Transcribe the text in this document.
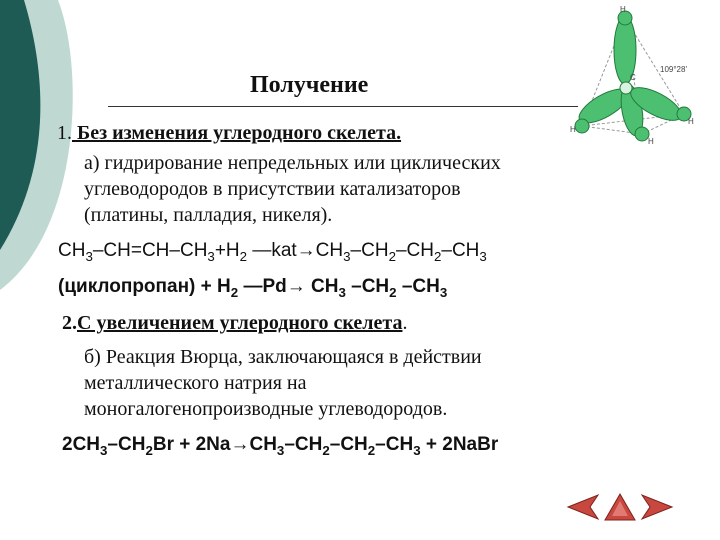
Получение
1. Без изменения углеродного скелета.
а) гидрирование непредельных или циклических
углеводородов в присутствии катализаторов
(платины, палладия, никеля).
$CH_3-CH=CH-CH_3+H_2$ $—kat\to CH_3-CH_2-CH_2-CH_3$
(циклопропан) + $H_2$ —Pd→ $CH_3$ $-CH_2$ $-CH_3$
2.С увеличением углеродного скелета.
б) Реакция Вюрца, заключающаяся в действии
металлического натрия на
моногалогенопроизводные углеводородов.
$2CH_3-CH_2Br + 2Na\to CH_3-CH_2-CH_2-CH_3$ + 2NaBr
H
H
H
H
C
109°28'
